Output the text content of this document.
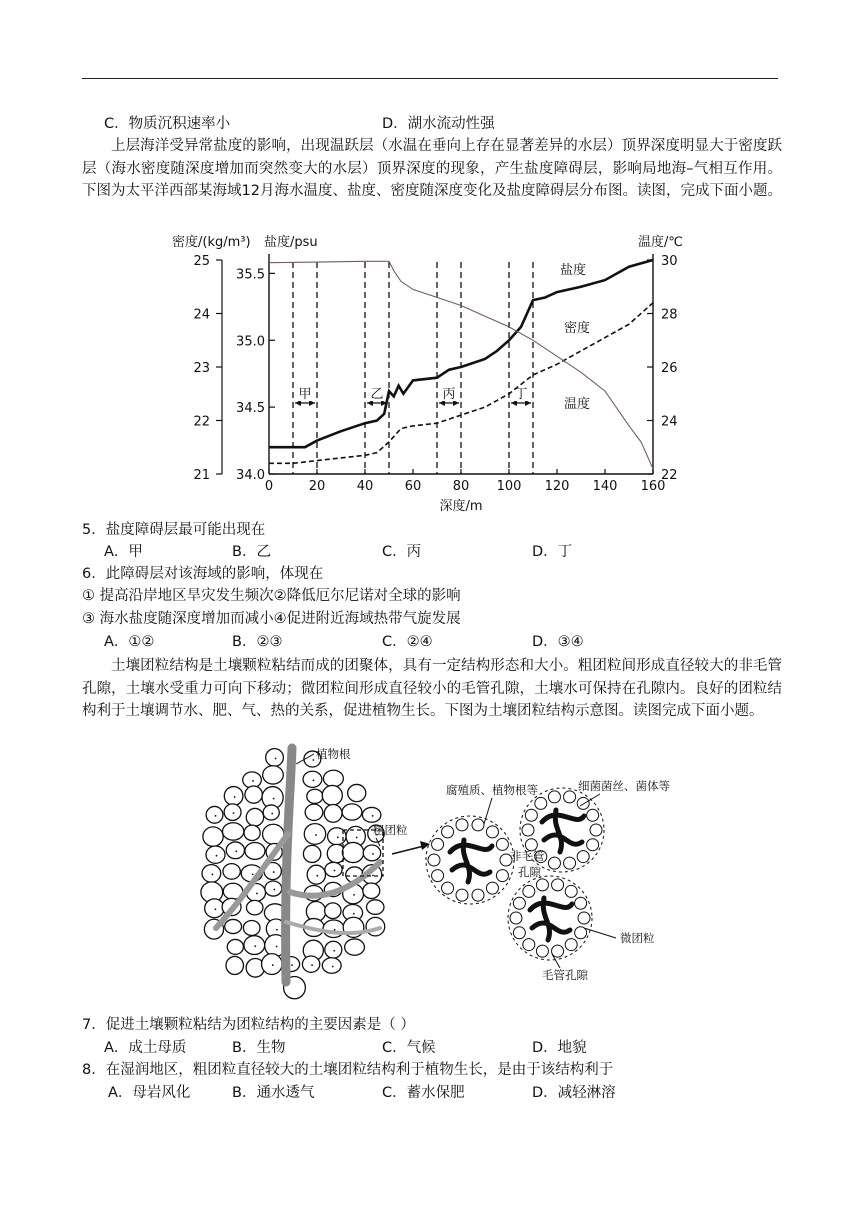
C．物质沉积速率小	D．湖水流动性强
上层海洋受异常盐度的影响，出现温跃层（水温在垂向上存在显著差异的水层）顶界深度明显大于密度跃层（海水密度随深度增加而突然变大的水层）顶界深度的现象，产生盐度障碍层，影响局地海–气相互作用。下图为太平洋西部某海域12月海水温度、盐度、密度随深度变化及盐度障碍层分布图。读图，完成下面小题。
密度/(kg/m³) 盐度/psu	温度/℃
25
24
23
22
21
35.5
35.0
34.5
34.0
30
28
26
24
22
0	20 40 60 80 100 120 140 160
深度/m
甲	乙	丙	丁
盐度
密度
温度
5．盐度障碍层最可能出现在
A．甲	B．乙	C．丙	D．丁
6．此障碍层对该海域的影响，体现在
① 提高沿岸地区旱灾发生频次②降低厄尔尼诺对全球的影响
③ 海水盐度随深度增加而减小④促进附近海域热带气旋发展
A．①②	B．②③	C．②④	D．③④
土壤团粒结构是土壤颗粒粘结而成的团聚体，具有一定结构形态和大小。粗团粒间形成直径较大的非毛管孔隙，土壤水受重力可向下移动；微团粒间形成直径较小的毛管孔隙，土壤水可保持在孔隙内。良好的团粒结构利于土壤调节水、肥、气、热的关系，促进植物生长。下图为土壤团粒结构示意图。读图完成下面小题。
植物根
粗团粒
腐殖质、植物根等	细菌菌丝、菌体等
非毛管
孔隙
微团粒
毛管孔隙
7．促进土壤颗粒粘结为团粒结构的主要因素是（ ）
A．成土母质	B．生物	C．气候	D．地貌
8．在湿润地区，粗团粒直径较大的土壤团粒结构利于植物生长，是由于该结构利于
A．母岩风化	B．通水透气	C．蓄水保肥	D．减轻淋溶
